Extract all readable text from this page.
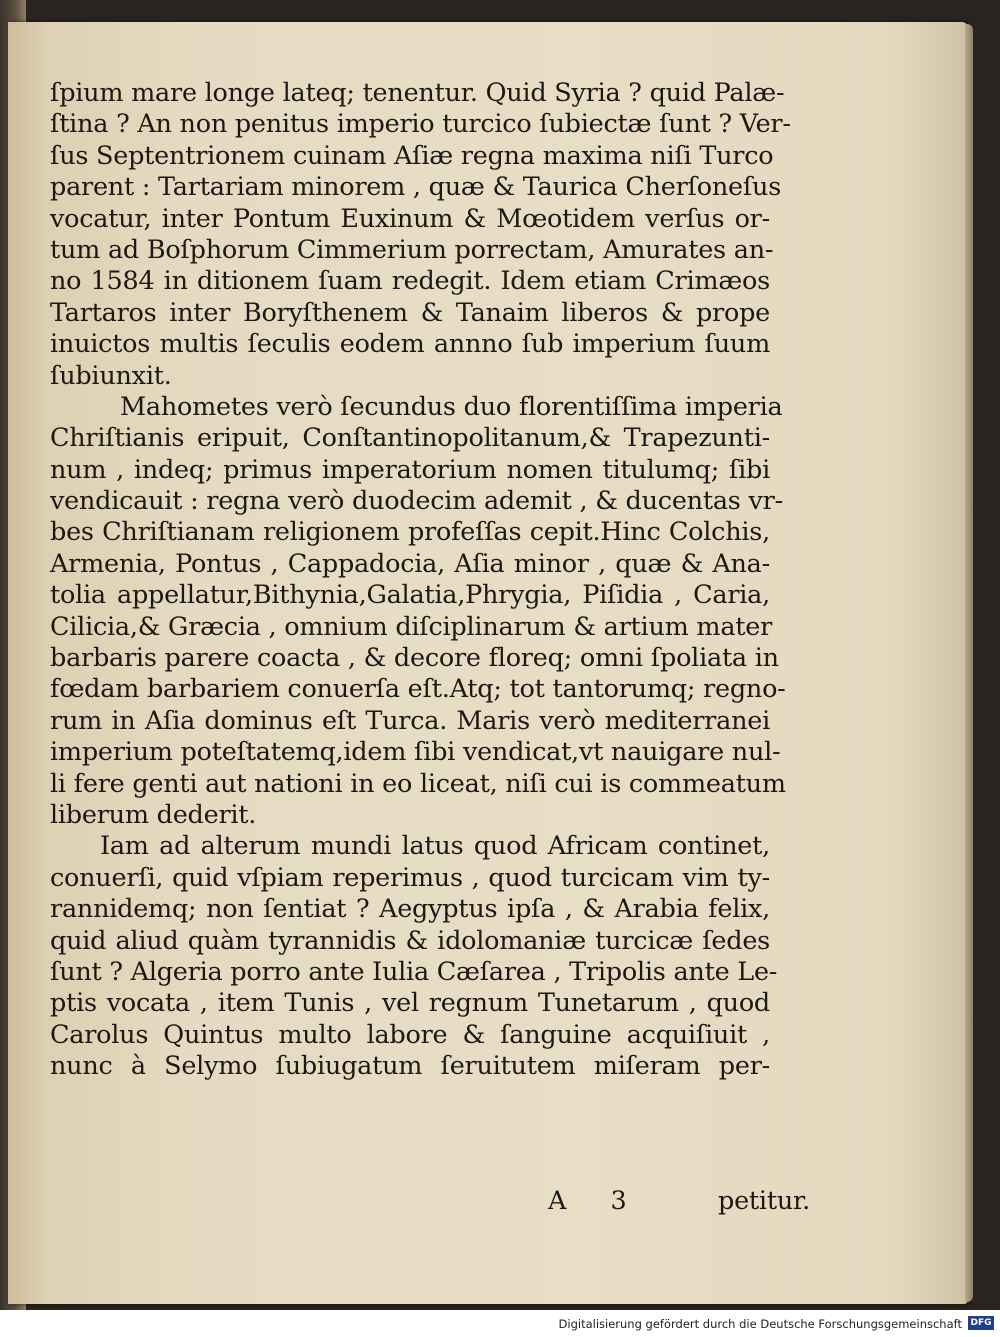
ſpium mare longe lateq; tenentur. Quid Syria ? quid Palæ-
ſtina ? An non penitus imperio turcico ſubiectæ ſunt ? Ver-
ſus Septentrionem cuinam Aſiæ regna maxima niſi Turco
parent : Tartariam minorem , quæ & Taurica Cherſoneſus
vocatur, inter Pontum Euxinum & Mœotidem verſus or-
tum ad Boſphorum Cimmerium porrectam, Amurates an-
no 1584 in ditionem ſuam redegit. Idem etiam Crimæos
Tartaros inter Boryſthenem & Tanaim liberos & prope
inuictos multis ſeculis eodem annno ſub imperium ſuum
ſubiunxit.
Mahometes verò ſecundus duo florentiſſima imperia
Chriſtianis eripuit, Conſtantinopolitanum,& Trapezunti-
num , indeq; primus imperatorium nomen titulumq; ſibi
vendicauit : regna verò duodecim ademit , & ducentas vr-
bes Chriſtianam religionem profeſſas cepit.Hinc Colchis,
Armenia, Pontus , Cappadocia, Aſia minor , quæ & Ana-
tolia appellatur,Bithynia,Galatia,Phrygia, Piſidia , Caria,
Cilicia,& Græcia , omnium diſciplinarum & artium mater
barbaris parere coacta , & decore floreq; omni ſpoliata in
fœdam barbariem conuerſa eſt.Atq; tot tantorumq; regno-
rum in Aſia dominus eſt Turca. Maris verò mediterranei
imperium poteſtatemq,idem ſibi vendicat,vt nauigare nul-
li fere genti aut nationi in eo liceat, niſi cui is commeatum
liberum dederit.
Iam ad alterum mundi latus quod Africam continet,
conuerſi, quid vſpiam reperimus , quod turcicam vim ty-
rannidemq; non ſentiat ? Aegyptus ipſa , & Arabia felix,
quid aliud quàm tyrannidis & idolomaniæ turcicæ ſedes
ſunt ? Algeria porro ante Iulia Cæſarea , Tripolis ante Le-
ptis vocata , item Tunis , vel regnum Tunetarum , quod
Carolus Quintus multo labore & ſanguine acquiſiuit ,
nunc à Selymo ſubiugatum ſeruitutem miſeram per-
A 3	petitur.
Digitalisierung gefördert durch die Deutsche Forschungsgemeinschaft DFG
